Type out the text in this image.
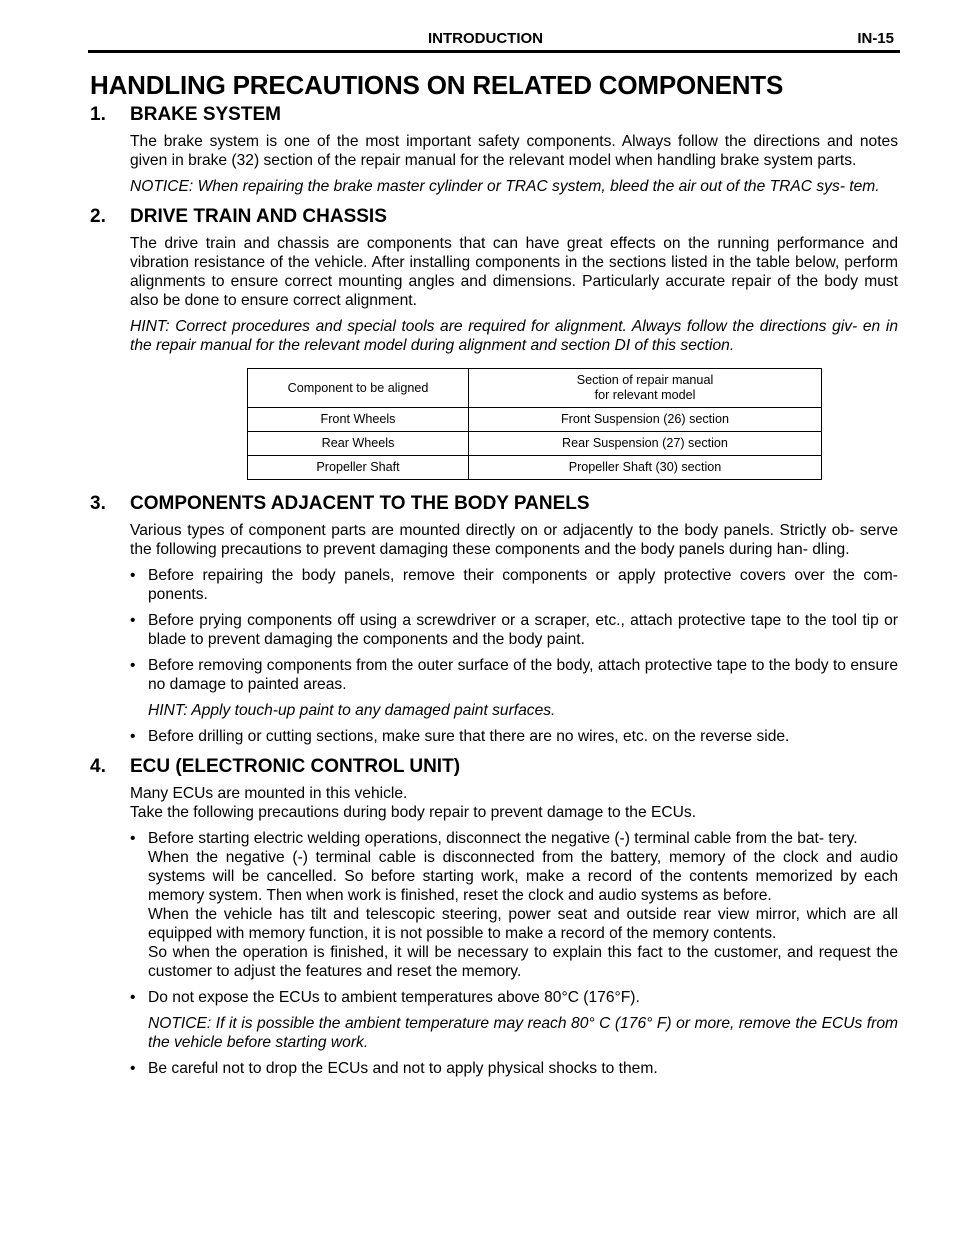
INTRODUCTION	IN-15
HANDLING PRECAUTIONS ON RELATED COMPONENTS
1.	BRAKE SYSTEM

The brake system is one of the most important safety components. Always follow the directions and notes given in brake (32) section of the repair manual for the relevant model when handling brake system parts.

NOTICE: When repairing the brake master cylinder or TRAC system, bleed the air out of the TRAC sys- tem.

2.	DRIVE TRAIN AND CHASSIS

The drive train and chassis are components that can have great effects on the running performance and vibration resistance of the vehicle. After installing components in the sections listed in the table below, perform alignments to ensure correct mounting angles and dimensions. Particularly accurate repair of the body must also be done to ensure correct alignment.

HINT: Correct procedures and special tools are required for alignment. Always follow the directions giv- en in the repair manual for the relevant model during alignment and section DI of this section.

Component to be aligned	Section of repair manual
for relevant model

Front Wheels	Front Suspension (26) section
Rear Wheels	Rear Suspension (27) section
Propeller Shaft	Propeller Shaft (30) section
3.	COMPONENTS ADJACENT TO THE BODY PANELS

Various types of component parts are mounted directly on or adjacently to the body panels. Strictly ob- serve the following precautions to prevent damaging these components and the body panels during han- dling.

• Before repairing the body panels, remove their components or apply protective covers over the com- ponents.
• Before prying components off using a screwdriver or a scraper, etc., attach protective tape to the tool tip or blade to prevent damaging the components and the body paint.
• Before removing components from the outer surface of the body, attach protective tape to the body to ensure no damage to painted areas.

HINT: Apply touch-up paint to any damaged paint surfaces.

• Before drilling or cutting sections, make sure that there are no wires, etc. on the reverse side.
4.	ECU (ELECTRONIC CONTROL UNIT)

Many ECUs are mounted in this vehicle.
Take the following precautions during body repair to prevent damage to the ECUs.

• Before starting electric welding operations, disconnect the negative (-) terminal cable from the bat- tery.
When the negative (-) terminal cable is disconnected from the battery, memory of the clock and audio systems will be cancelled. So before starting work, make a record of the contents memorized by each memory system. Then when work is finished, reset the clock and audio systems as before.
When the vehicle has tilt and telescopic steering, power seat and outside rear view mirror, which are all equipped with memory function, it is not possible to make a record of the memory contents.
So when the operation is finished, it will be necessary to explain this fact to the customer, and request the customer to adjust the features and reset the memory.
• Do not expose the ECUs to ambient temperatures above 80°C (176°F).

NOTICE: If it is possible the ambient temperature may reach 80° C (176° F) or more, remove the ECUs from the vehicle before starting work.

• Be careful not to drop the ECUs and not to apply physical shocks to them.
